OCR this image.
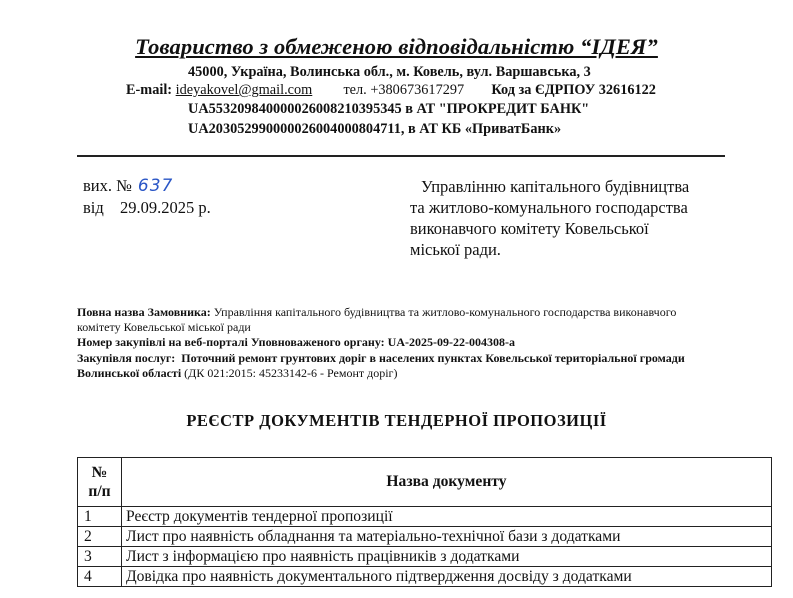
Товариство з обмеженою відповідальністю “ІДЕЯ”
45000, Україна, Волинська обл., м. Ковель, вул. Варшавська, 3
E-mail: ideyakovel@gmail.com тел. +380673617297 Код за ЄДРПОУ 32616122
UA553209840000026008210395345 в АТ "ПРОКРЕДИТ БАНК"
UA203052990000026004000804711, в АТ КБ «ПриватБанк»
вих. № 637
від 29.09.2025 р.
Управлінню капітального будівництва
та житлово-комунального господарства
виконавчого комітету Ковельської
міської ради.
Повна назва Замовника: Управління капітального будівництва та житлово-комунального господарства виконавчого
комітету Ковельської міської ради
Номер закупівлі на веб-порталі Уповноваженого органу: UA-2025-09-22-004308-а
Закупівля послуг: Поточний ремонт грунтових доріг в населених пунктах Ковельської територіальної громади
Волинської області (ДК 021:2015: 45233142-6 - Ремонт доріг)
РЕЄСТР ДОКУМЕНТІВ ТЕНДЕРНОЇ ПРОПОЗИЦІЇ
№
п/п	Назва документу
1	Реєстр документів тендерної пропозиції
2	Лист про наявність обладнання та матеріально-технічної бази з додатками
3	Лист з інформацією про наявність працівників з додатками
4	Довідка про наявність документального підтвердження досвіду з додатками
